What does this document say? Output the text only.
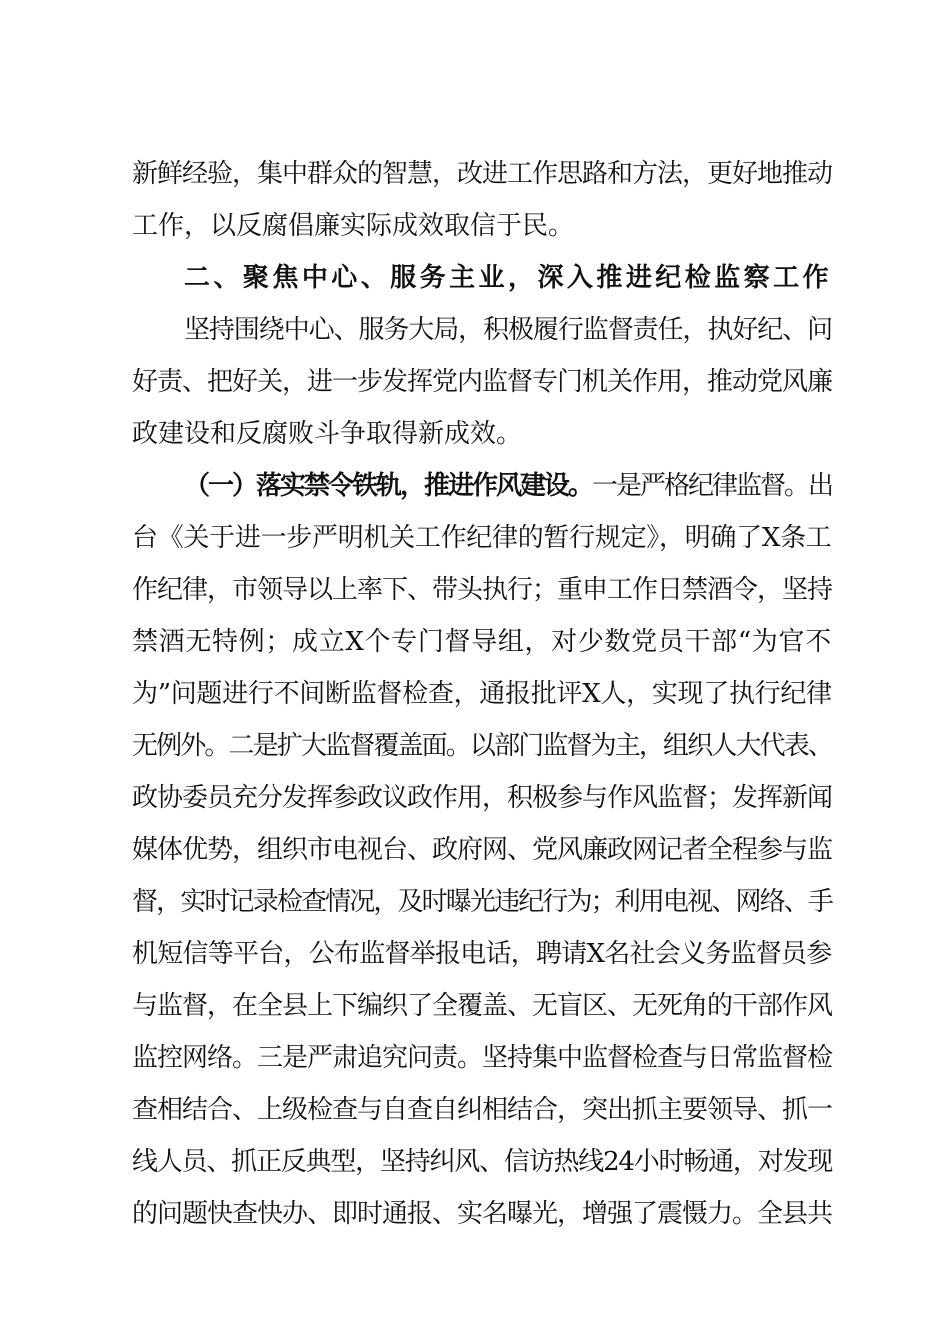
新鲜经验，集中群众的智慧，改进工作思路和方法，更好地推动
工作，以反腐倡廉实际成效取信于民。
二、聚焦中心、服务主业，深入推进纪检监察工作
坚持围绕中心、服务大局，积极履行监督责任，执好纪、问
好责、把好关，进一步发挥党内监督专门机关作用，推动党风廉
政建设和反腐败斗争取得新成效。
（一）落实禁令铁轨，推进作风建设。一是严格纪律监督。出
台《关于进一步严明机关工作纪律的暂行规定》，明确了X条工
作纪律，市领导以上率下、带头执行；重申工作日禁酒令，坚持
禁酒无特例；成立X个专门督导组，对少数党员干部“为官不
为”问题进行不间断监督检查，通报批评X人，实现了执行纪律
无例外。二是扩大监督覆盖面。以部门监督为主，组织人大代表、
政协委员充分发挥参政议政作用，积极参与作风监督；发挥新闻
媒体优势，组织市电视台、政府网、党风廉政网记者全程参与监
督，实时记录检查情况，及时曝光违纪行为；利用电视、网络、手
机短信等平台，公布监督举报电话，聘请X名社会义务监督员参
与监督，在全县上下编织了全覆盖、无盲区、无死角的干部作风
监控网络。三是严肃追究问责。坚持集中监督检查与日常监督检
查相结合、上级检查与自查自纠相结合，突出抓主要领导、抓一
线人员、抓正反典型，坚持纠风、信访热线24小时畅通，对发现
的问题快查快办、即时通报、实名曝光，增强了震慑力。全县共
